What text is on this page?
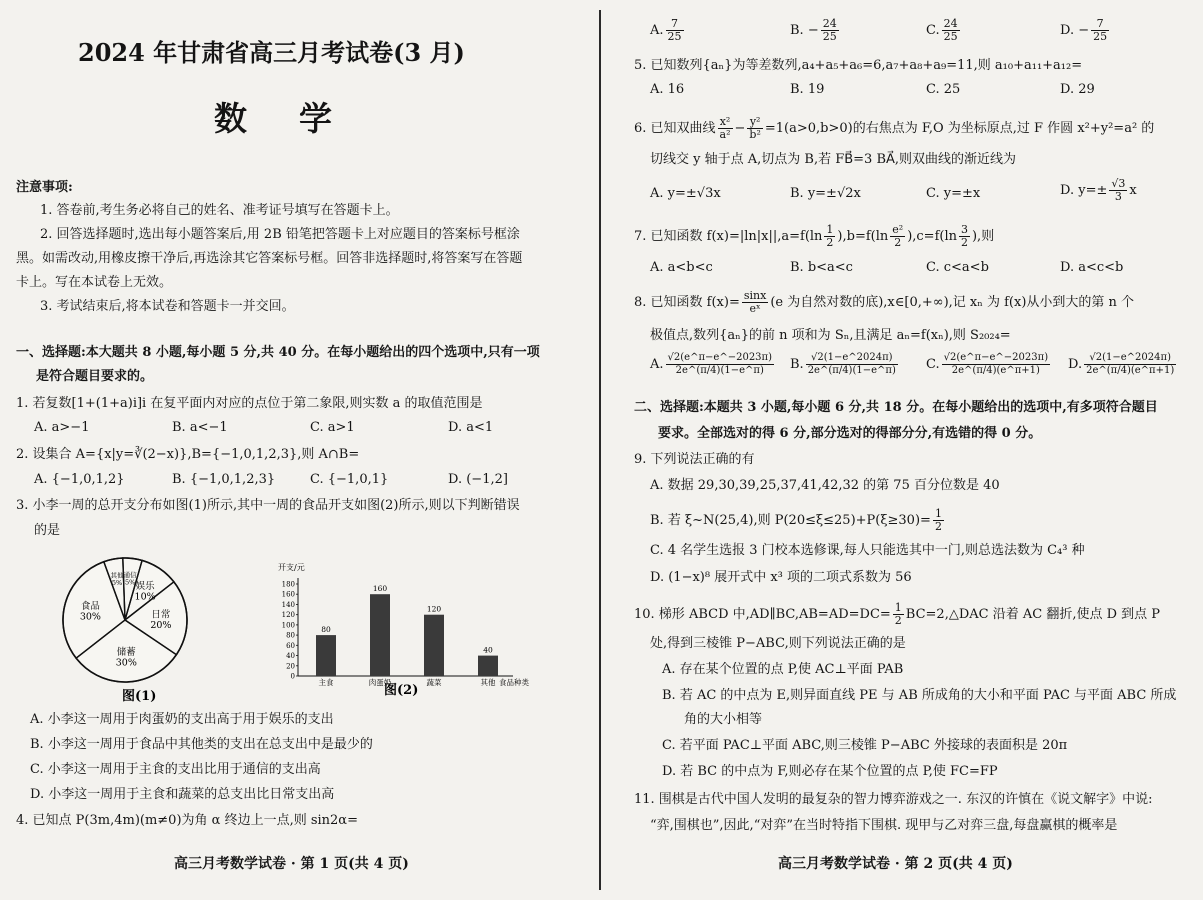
2024 年甘肃省高三月考试卷(3 月)
数学
注意事项:
1. 答卷前,考生务必将自己的姓名、准考证号填写在答题卡上。
2. 回答选择题时,选出每小题答案后,用 2B 铅笔把答题卡上对应题目的答案标号框涂
黑。如需改动,用橡皮擦干净后,再选涂其它答案标号框。回答非选择题时,将答案写在答题
卡上。写在本试卷上无效。
3. 考试结束后,将本试卷和答题卡一并交回。
一、选择题:本大题共 8 小题,每小题 5 分,共 40 分。在每小题给出的四个选项中,只有一项
是符合题目要求的。
1. 若复数[1+(1+a)i]i 在复平面内对应的点位于第二象限,则实数 a 的取值范围是
A. a>−1	B. a<−1	C. a>1	D. a<1
2. 设集合 A={x|y=∛(2−x)},B={−1,0,1,2,3},则 A∩B=
A. {−1,0,1,2}	B. {−1,0,1,2,3}	C. {−1,0,1}	D. (−1,2]
3. 小李一周的总开支分布如图(1)所示,其中一周的食品开支如图(2)所示,则以下判断错误
的是
通信
5% 娱乐
10%
日常
20%
储蓄
30%
食品
30%
其他
5%
图(1)
开支/元
180
160
140
120
100
80
60
40
20
0
80
主食
160
肉蛋奶
120
蔬菜
40
其他 食品种类
图(2)
A. 小李这一周用于肉蛋奶的支出高于用于娱乐的支出
B. 小李这一周用于食品中其他类的支出在总支出中是最少的
C. 小李这一周用于主食的支出比用于通信的支出高
D. 小李这一周用于主食和蔬菜的总支出比日常支出高
4. 已知点 P(3m,4m)(m≠0)为角 α 终边上一点,则 sin2α=
高三月考数学试卷 · 第 1 页(共 4 页)
A. $\frac{7}{25}$	B. − $\frac{24}{25}$	C. $\frac{24}{25}$	D. − $\frac{7}{25}$
5. 已知数列{aₙ}为等差数列,a₄+a₅+a₆=6,a₇+a₈+a₉=11,则 a₁₀+a₁₁+a₁₂=
A. 16	B. 19	C. 25	D. 29
6. 已知双曲线 $\frac{\text{x²}}{\text{a²}} - \frac{\text{y²}}{\text{b²}} =1(a>0,b>0)$的右焦点为 F,O 为坐标原点,过 F 作圆 x²+y²=a² 的
切线交 y 轴于点 A,切点为 B,若 FB⃗=3 BA⃗,则双曲线的渐近线为
A. y=±√3x	B. y=±√2x	C. y=±x	D. $y=\pm \frac{√3}{3}$ x
7. 已知函数 $f(x)=|\ln|x||,a=f(\ln \frac{1}{2} ),b=f(\ln \frac{\text{e²}}{2} ),c=f(\ln \frac{3}{2}$ ),则
A. a<b<c	B. b<a<c	C. c<a<b	D. a<c<b
8. 已知函数 $f(x)= \frac{\sin x}{\text{eˣ}} (e$ 为自然对数的底),x∈[0,+∞),记 xₙ 为 f(x)从小到大的第 n 个
极值点,数列{aₙ}的前 n 项和为 Sₙ,且满足 aₙ=f(xₙ),则 S₂₀₂₄=
A. $\frac{√2(e\^{}\pi-e\^{}-2023\pi)}{2e\^{}(\pi/4)(1-e\^{}\pi)} B$. $\frac{√2(1-e\^{}2024\pi)}{2e\^{}(\pi/4)(1-e\^{}\pi)} C$. $\frac{√2(e\^{}\pi-e\^{}-2023\pi)}{2e\^{}(\pi/4)(e\^{}\pi+1)} D$. $\frac{√2(1-e\^{}2024\pi)}{2e\^{}(\pi/4)(e\^{}\pi+1)}$
二、选择题:本题共 3 小题,每小题 6 分,共 18 分。在每小题给出的选项中,有多项符合题目
要求。全部选对的得 6 分,部分选对的得部分分,有选错的得 0 分。
9. 下列说法正确的有
A. 数据 29,30,39,25,37,41,42,32 的第 75 百分位数是 40
B. 若 ξ~N(25,4),则 $P(20\le\xi\le 25)+P(\xi\ge 30)= \frac{1}{2}$
C. 4 名学生选报 3 门校本选修课,每人只能选其中一门,则总选法数为 C₄³ 种
D. (1−x)⁸ 展开式中 x³ 项的二项式系数为 56
10. 梯形 ABCD 中,AD∥BC,AB=AD=DC= $\frac{1}{2}$ BC=2,△DAC 沿着 AC 翻折,使点 D 到点 P
处,得到三棱锥 P−ABC,则下列说法正确的是
A. 存在某个位置的点 P,使 AC⊥平面 PAB
B. 若 AC 的中点为 E,则异面直线 PE 与 AB 所成角的大小和平面 PAC 与平面 ABC 所成
角的大小相等
C. 若平面 PAC⊥平面 ABC,则三棱锥 P−ABC 外接球的表面积是 20π
D. 若 BC 的中点为 F,则必存在某个位置的点 P,使 FC=FP
11. 围棋是古代中国人发明的最复杂的智力博弈游戏之一. 东汉的许慎在《说文解字》中说:
“弈,围棋也”,因此,“对弈”在当时特指下围棋. 现甲与乙对弈三盘,每盘赢棋的概率是
高三月考数学试卷 · 第 2 页(共 4 页)
